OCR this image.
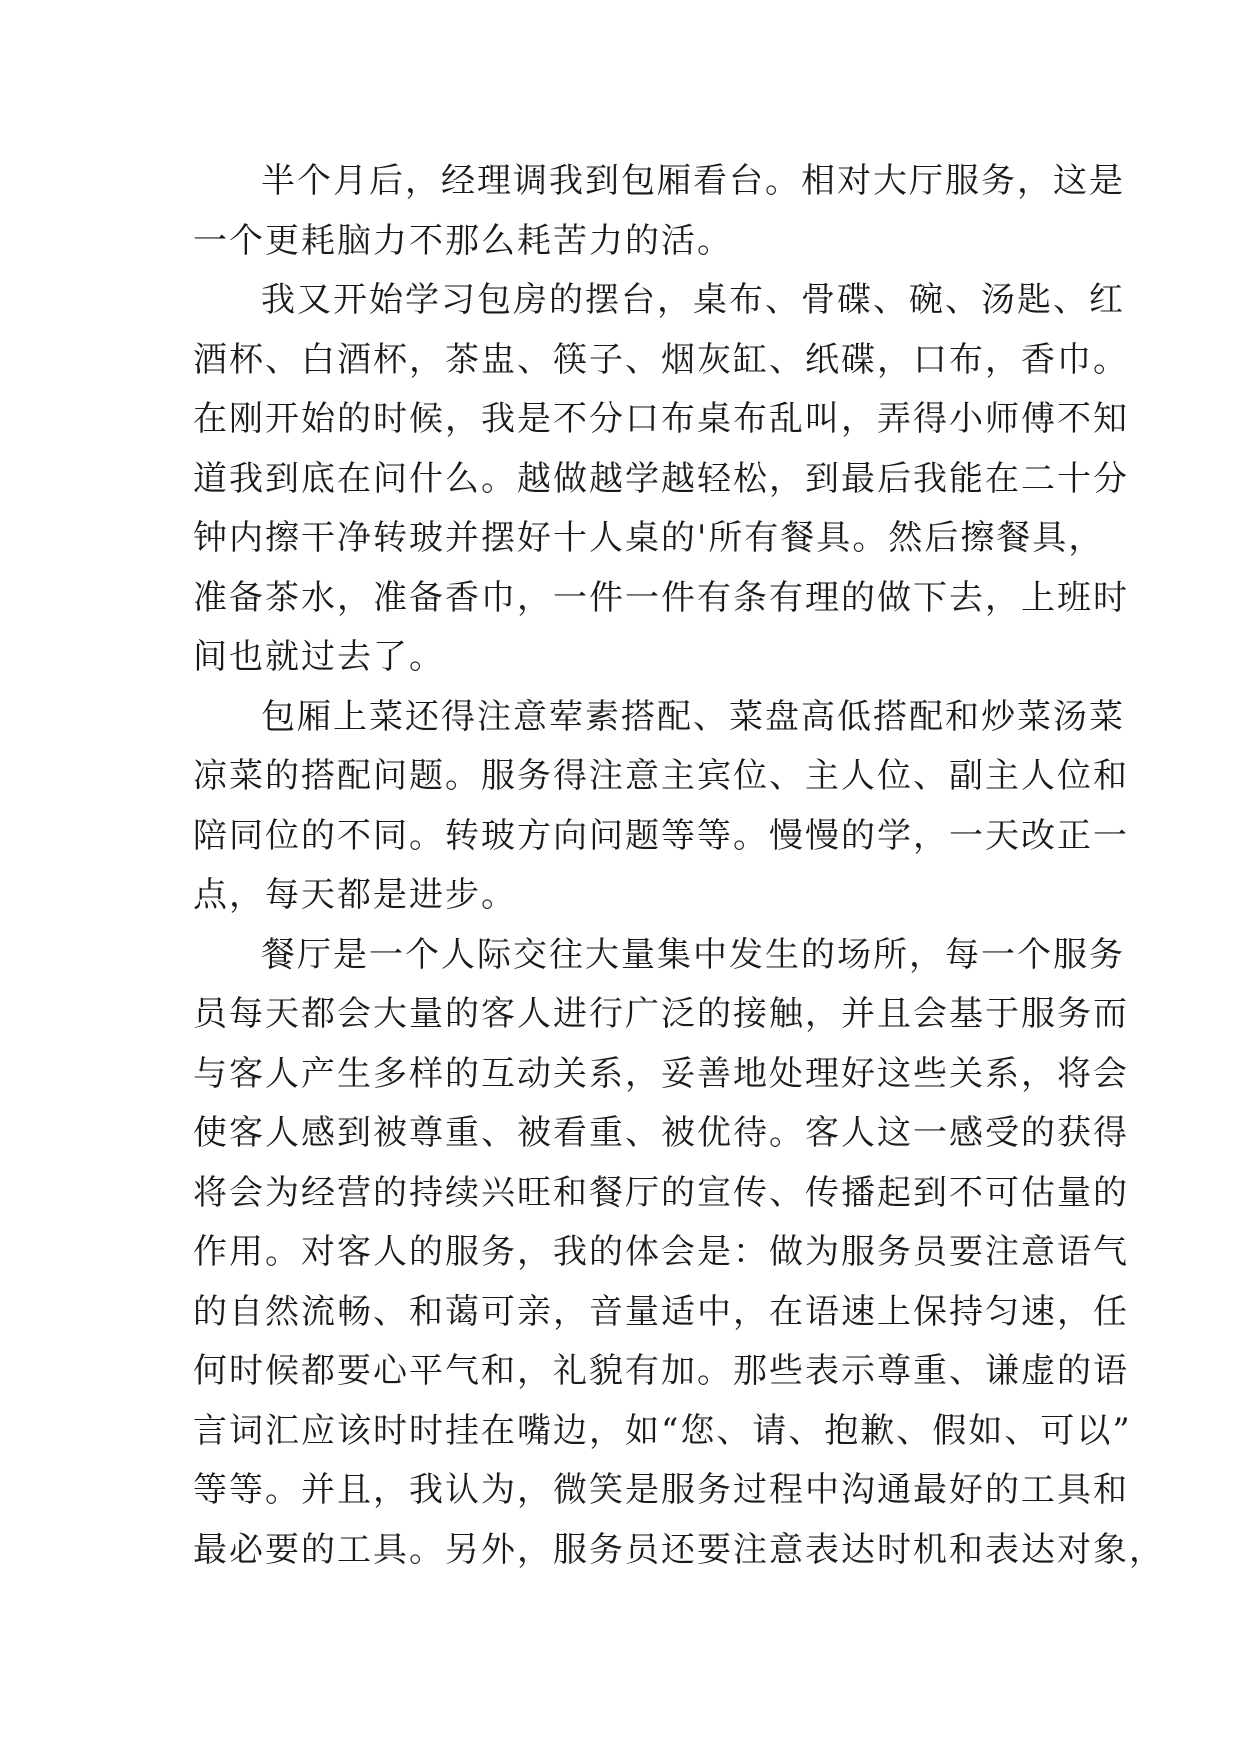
半个月后，经理调我到包厢看台。相对大厅服务，这是
一个更耗脑力不那么耗苦力的活。
我又开始学习包房的摆台，桌布、骨碟、碗、汤匙、红
酒杯、白酒杯，茶盅、筷子、烟灰缸、纸碟，口布，香巾。
在刚开始的时候，我是不分口布桌布乱叫，弄得小师傅不知
道我到底在问什么。越做越学越轻松，到最后我能在二十分
钟内擦干净转玻并摆好十人桌的'所有餐具。然后擦餐具，
准备茶水，准备香巾，一件一件有条有理的做下去，上班时
间也就过去了。
包厢上菜还得注意荤素搭配、菜盘高低搭配和炒菜汤菜
凉菜的搭配问题。服务得注意主宾位、主人位、副主人位和
陪同位的不同。转玻方向问题等等。慢慢的学，一天改正一
点，每天都是进步。
餐厅是一个人际交往大量集中发生的场所，每一个服务
员每天都会大量的客人进行广泛的接触，并且会基于服务而
与客人产生多样的互动关系，妥善地处理好这些关系，将会
使客人感到被尊重、被看重、被优待。客人这一感受的获得
将会为经营的持续兴旺和餐厅的宣传、传播起到不可估量的
作用。对客人的服务，我的体会是：做为服务员要注意语气
的自然流畅、和蔼可亲，音量适中，在语速上保持匀速，任
何时候都要心平气和，礼貌有加。那些表示尊重、谦虚的语
言词汇应该时时挂在嘴边，如“您、请、抱歉、假如、可以”
等等。并且，我认为，微笑是服务过程中沟通最好的工具和
最必要的工具。另外，服务员还要注意表达时机和表达对象，
